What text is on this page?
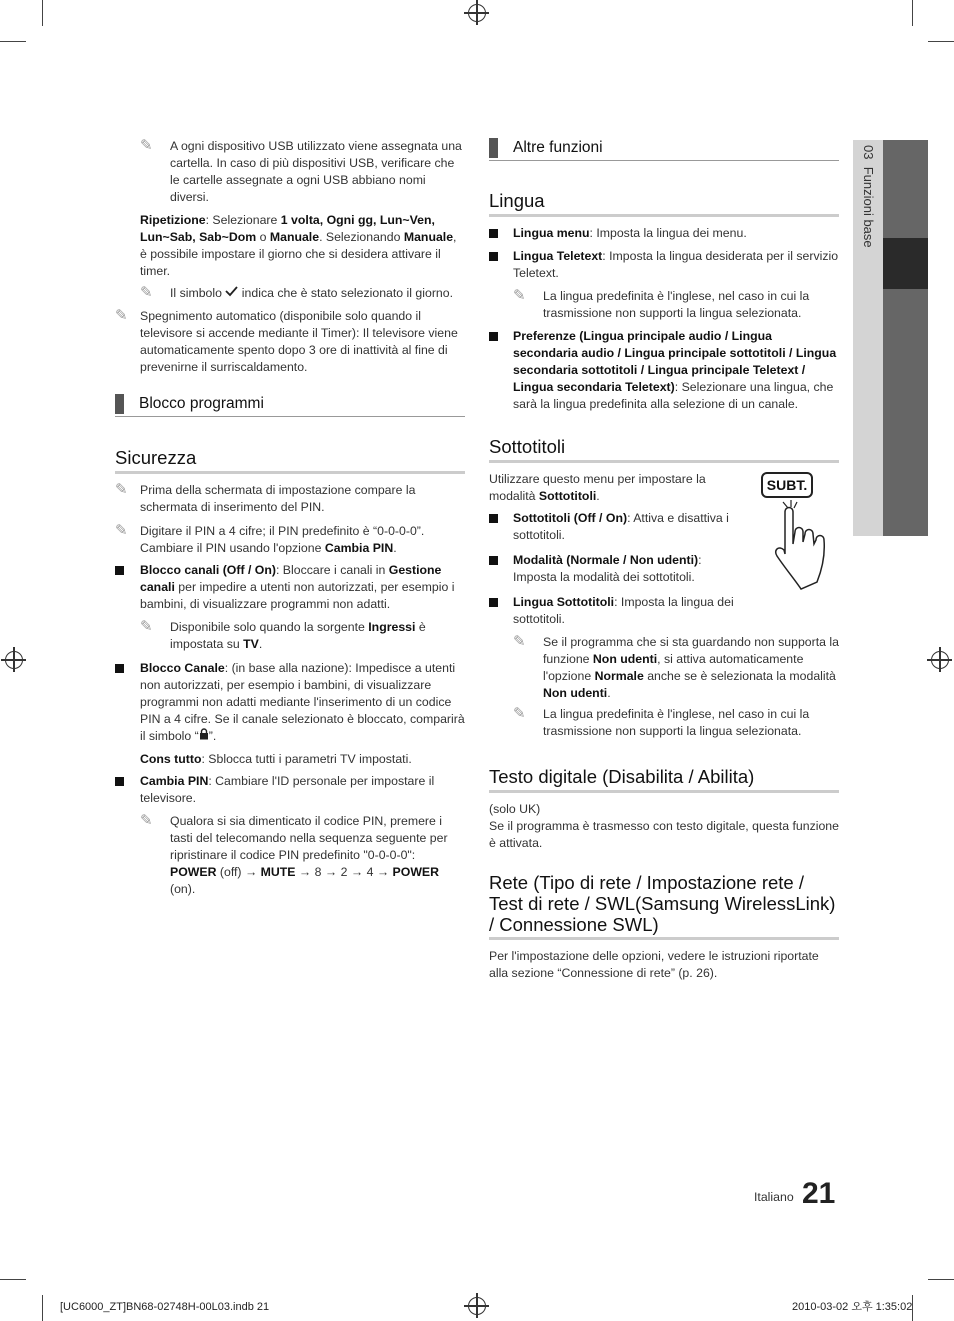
03  Funzioni base
✎ A ogni dispositivo USB utilizzato viene assegnata una cartella. In caso di più dispositivi USB, verificare che le cartelle assegnate a ogni USB abbiano nomi diversi.
Ripetizione: Selezionare 1 volta, Ogni gg, Lun~Ven, Lun~Sab, Sab~Dom o Manuale. Selezionando Manuale, è possibile impostare il giorno che si desidera attivare il timer.
✎ Il simbolo indica che è stato selezionato il giorno.
✎ Spegnimento automatico (disponibile solo quando il televisore si accende mediante il Timer): Il televisore viene automaticamente spento dopo 3 ore di inattività al fine di prevenirne il surriscaldamento.
Blocco programmi
Sicurezza
✎ Prima della schermata di impostazione compare la schermata di inserimento del PIN.
✎ Digitare il PIN a 4 cifre; il PIN predefinito è “0-0-0-0”. Cambiare il PIN usando l'opzione Cambia PIN.
Blocco canali (Off / On): Bloccare i canali in Gestione canali per impedire a utenti non autorizzati, per esempio i bambini, di visualizzare programmi non adatti.
✎ Disponibile solo quando la sorgente Ingressi è impostata su TV.
Blocco Canale: (in base alla nazione): Impedisce a utenti non autorizzati, per esempio i bambini, di visualizzare programmi non adatti mediante l'inserimento di un codice PIN a 4 cifre. Se il canale selezionato è bloccato, comparirà il simbolo “ ”.
Cons tutto: Sblocca tutti i parametri TV impostati.
Cambia PIN: Cambiare l'ID personale per impostare il televisore.
✎ Qualora si sia dimenticato il codice PIN, premere i tasti del telecomando nella sequenza seguente per ripristinare il codice PIN predefinito "0-0-0-0": POWER (off) → MUTE → 8 → 2 → 4 → POWER (on).
Altre funzioni
Lingua
Lingua menu: Imposta la lingua dei menu.
Lingua Teletext: Imposta la lingua desiderata per il servizio Teletext.
✎ La lingua predefinita è l'inglese, nel caso in cui la trasmissione non supporti la lingua selezionata.
Preferenze (Lingua principale audio / Lingua secondaria audio / Lingua principale sottotitoli / Lingua secondaria sottotitoli / Lingua principale Teletext / Lingua secondaria Teletext): Selezionare una lingua, che sarà la lingua predefinita alla selezione di un canale.
Sottotitoli
Utilizzare questo menu per impostare la modalità Sottotitoli.
Sottotitoli (Off / On): Attiva e disattiva i sottotitoli.
Modalità (Normale / Non udenti): Imposta la modalità dei sottotitoli.
Lingua Sottotitoli: Imposta la lingua dei sottotitoli.
SUBT.
✎ Se il programma che si sta guardando non supporta la funzione Non udenti, si attiva automaticamente l'opzione Normale anche se è selezionata la modalità Non udenti.
✎ La lingua predefinita è l'inglese, nel caso in cui la trasmissione non supporti la lingua selezionata.
Testo digitale (Disabilita / Abilita)
(solo UK)
Se il programma è trasmesso con testo digitale, questa funzione è attivata.
Rete (Tipo di rete / Impostazione rete / Test di rete / SWL(Samsung WirelessLink) / Connessione SWL)
Per l'impostazione delle opzioni, vedere le istruzioni riportate alla sezione “Connessione di rete” (p. 26).
Italiano 21
[UC6000_ZT]BN68-02748H-00L03.indb 21	2010-03-02 오후 1:35:02
